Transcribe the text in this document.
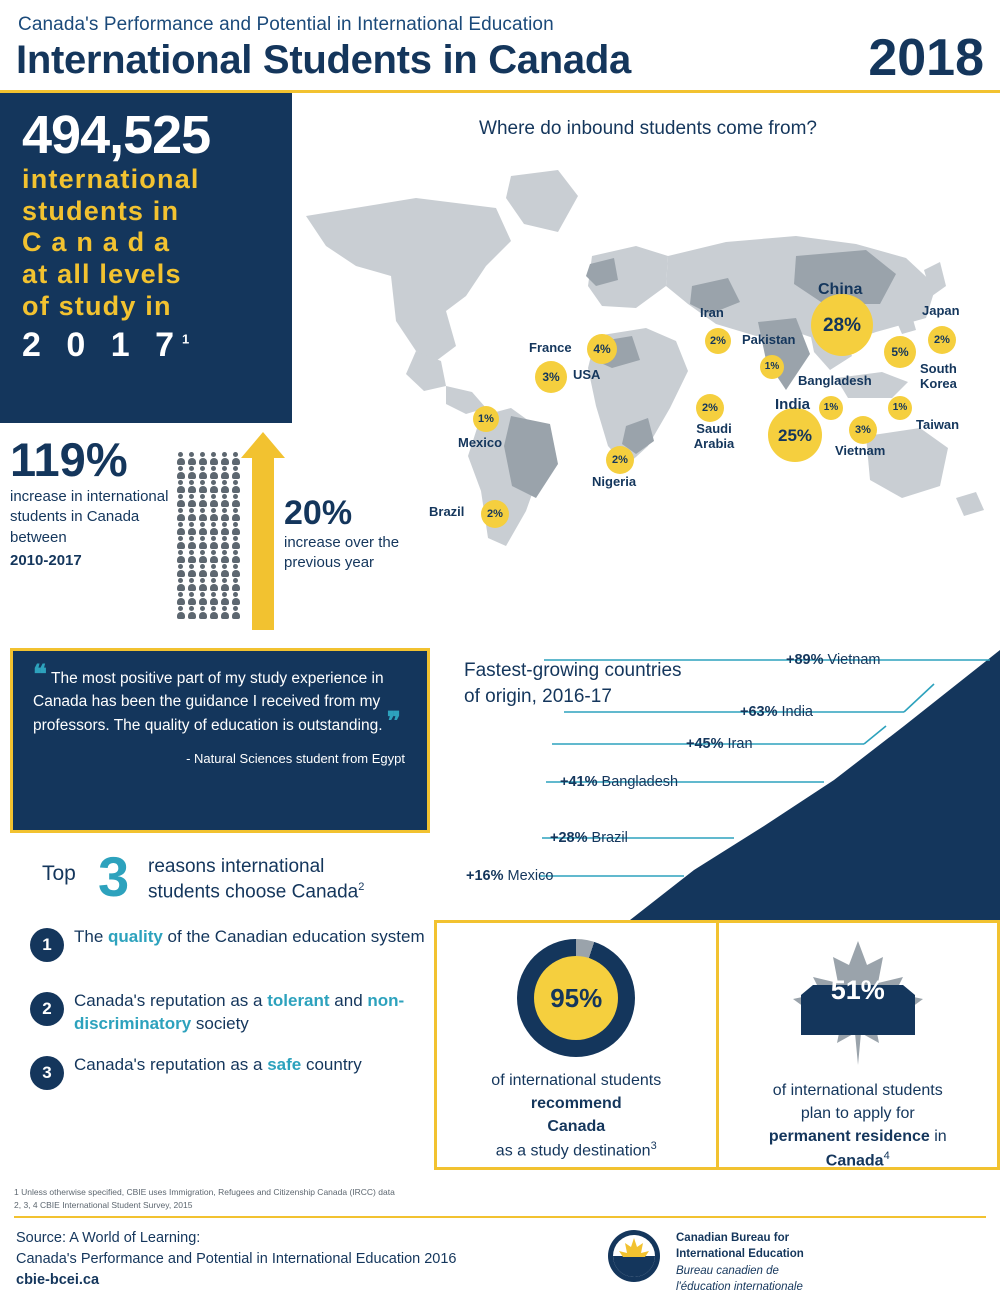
Canada's Performance and Potential in International Education
International Students in Canada	2018
494,525
international
students in
C a n a d a
at all levels
of study in
2 0 1 $7^1$
119%
increase in international students in Canada between
2010-2017
20%
increase over the previous year
Where do inbound students come from?
3% USA
1%
Mexico
2%
Brazil
2%
Nigeria
4%
France	2%
Iran
1%
Pakistan
2%
Saudi Arabia	25%
India 1%
Bangladesh
28%
China
5%
South Korea
2%
Japan
1%
Taiwan
3%
Vietnam
❝ The most positive part of my study experience in Canada has been the guidance I received from my professors. The quality of education is outstanding. ❞
- Natural Sciences student from Egypt
Fastest-growing countries
of origin, 2016-17
+89% Vietnam
+63% India
+45% Iran
+41% Bangladesh
+28% Brazil
+16% Mexico
Top 3 reasons international
students choose Canada$^2$
1	The quality of the Canadian education system
2	Canada's reputation as a tolerant and non-discriminatory society
3	Canada's reputation as a safe country
95%
of international students
recommend
Canada
as a study destination$^3$
51%
of international students
plan to apply for
permanent residence in
Canada$^4$
1 Unless otherwise specified, CBIE uses Immigration, Refugees and Citizenship Canada (IRCC) data
2, 3, 4 CBIE International Student Survey, 2015
Source: A World of Learning:
Canada's Performance and Potential in International Education 2016
cbie-bcei.ca
Canadian Bureau for
International Education
Bureau canadien de
l'éducation internationale
